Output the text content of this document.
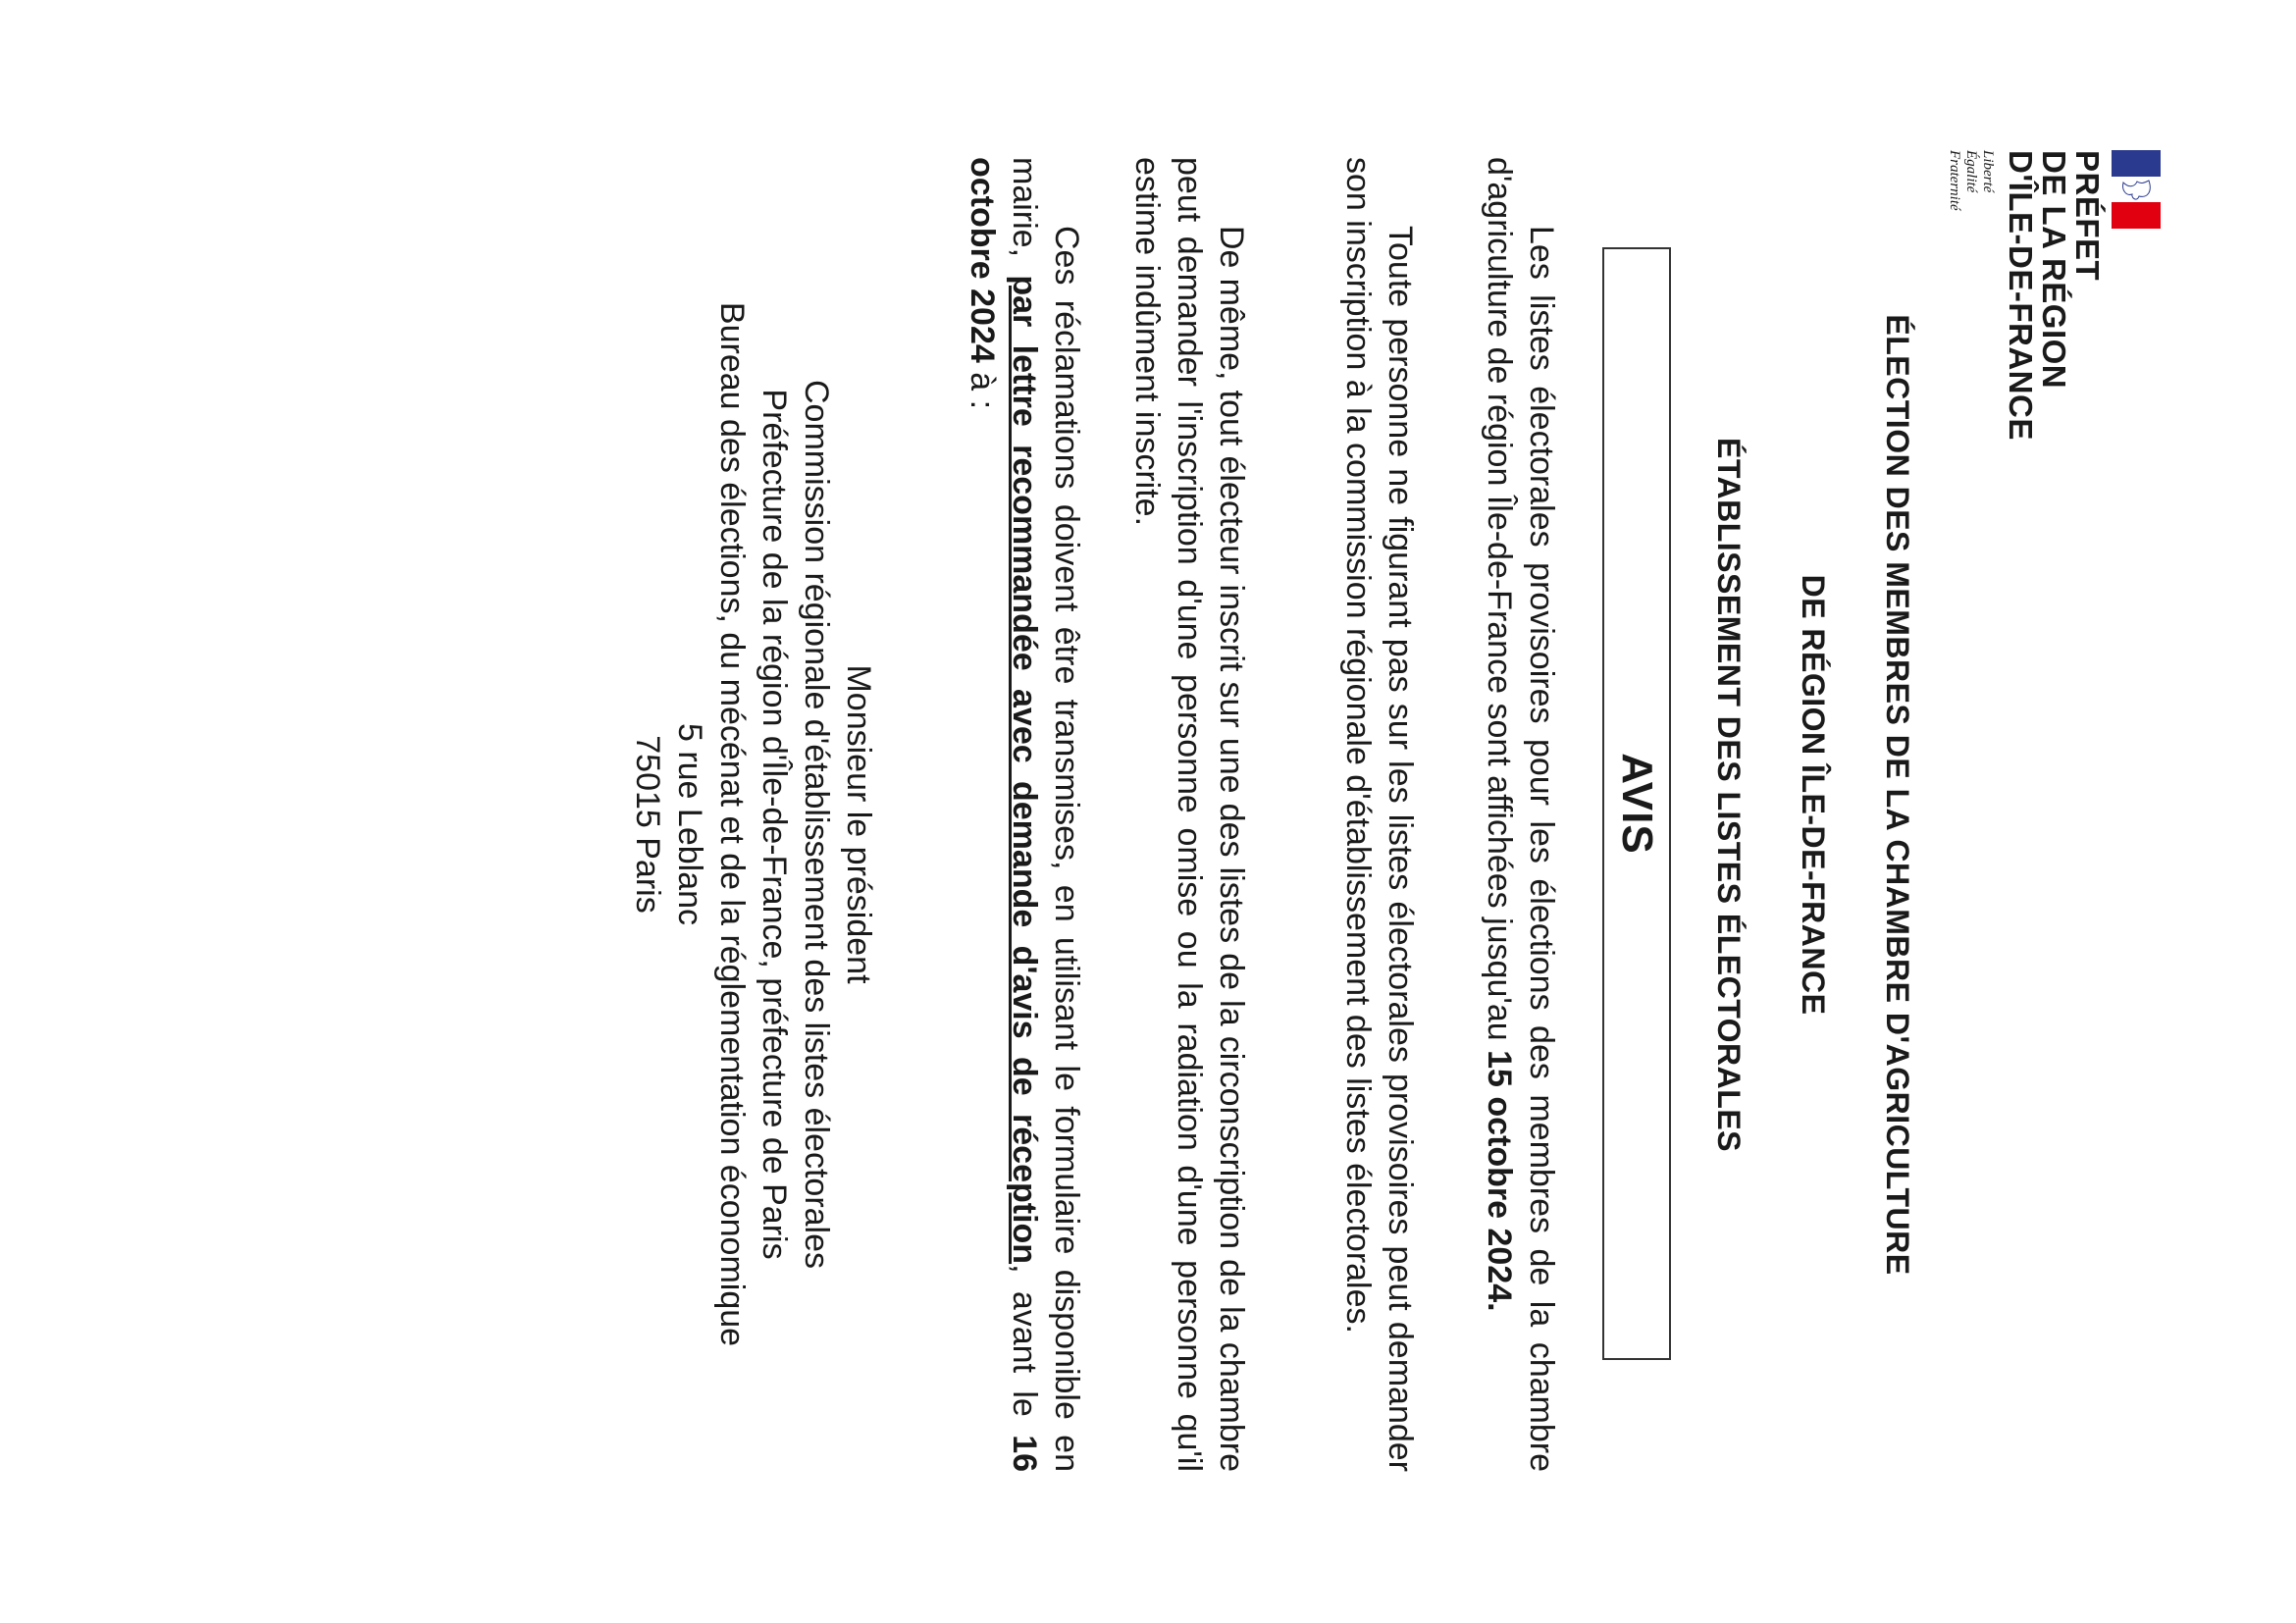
PRÉFET
DE LA RÉGION
D'ÎLE-DE-FRANCE
Liberté
Égalité
Fraternité
ÉLECTION DES MEMBRES DE LA CHAMBRE D'AGRICULTURE
DE RÉGION ÎLE-DE-FRANCE
ÉTABLISSEMENT DES LISTES ÉLECTORALES
AVIS

Les listes électorales provisoires pour les élections des membres de la chambre d'agriculture de région Île-de-France sont affichées jusqu'au 15 octobre 2024.

Toute personne ne figurant pas sur les listes électorales provisoires peut demander son inscription à la commission régionale d'établissement des listes électorales.

De même, tout électeur inscrit sur une des listes de la circonscription de la chambre peut demander l'inscription d'une personne omise ou la radiation d'une personne qu'il estime indûment inscrite.

Ces réclamations doivent être transmises, en utilisant le formulaire disponible en mairie, par lettre recommandée avec demande d'avis de réception, avant le 16 octobre 2024 à :

Monsieur le président
Commission régionale d'établissement des listes électorales
Préfecture de la région d'Île-de-France, préfecture de Paris
Bureau des élections, du mécénat et de la réglementation économique
5 rue Leblanc
75015 Paris
